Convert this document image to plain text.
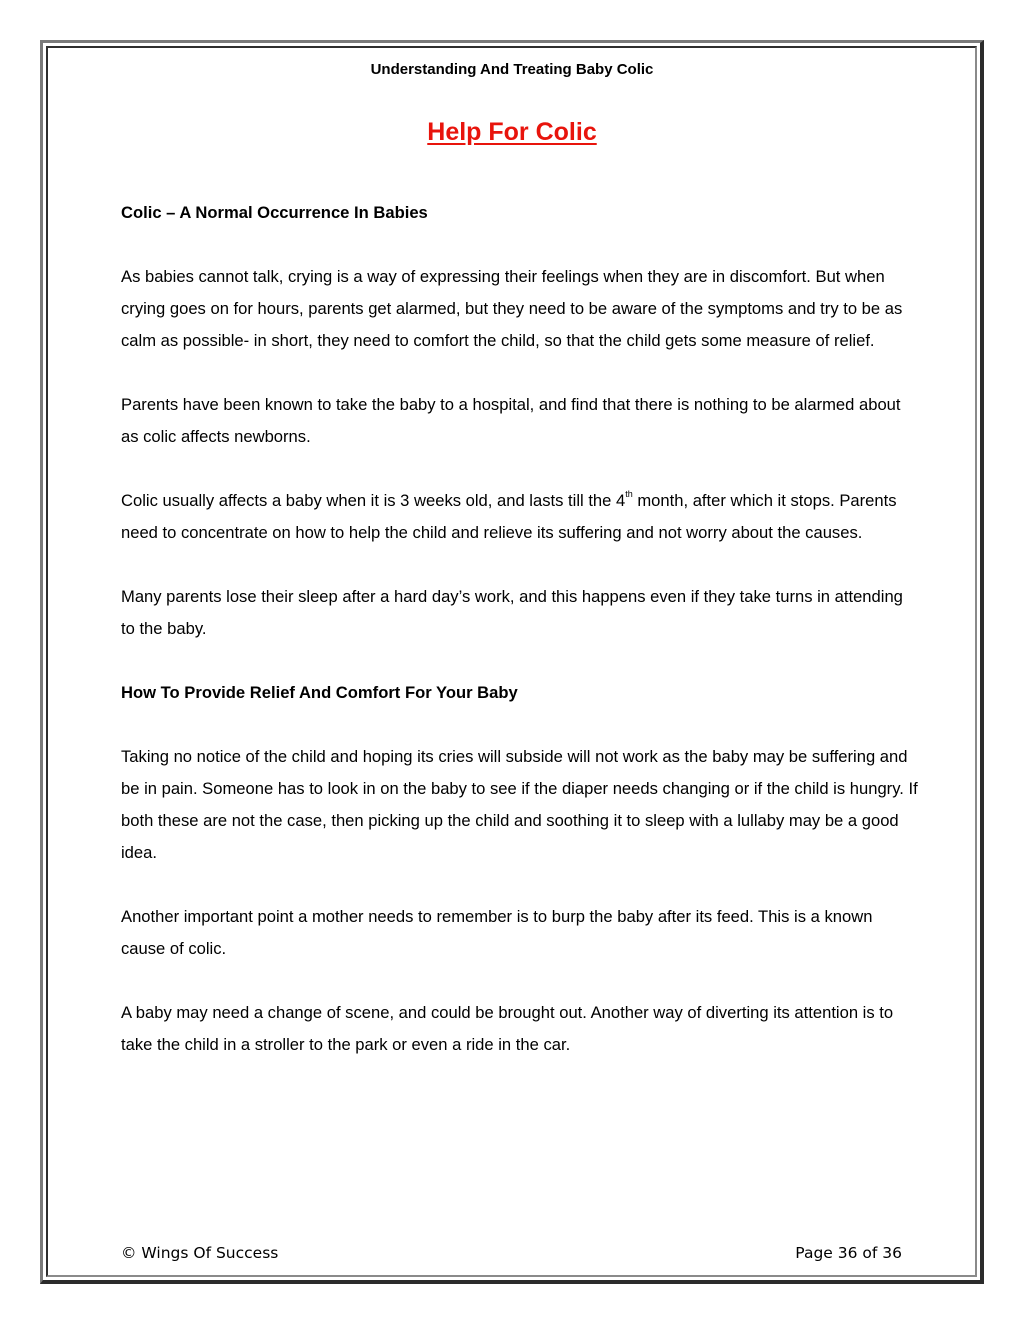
Understanding And Treating Baby Colic
Help For Colic
Colic – A Normal Occurrence In Babies

As babies cannot talk, crying is a way of expressing their feelings when they are in discomfort. But when crying goes on for hours, parents get alarmed, but they need to be aware of the symptoms and try to be as calm as possible- in short, they need to comfort the child, so that the child gets some measure of relief.

Parents have been known to take the baby to a hospital, and find that there is nothing to be alarmed about as colic affects newborns.

Colic usually affects a baby when it is 3 weeks old, and lasts till the 4th month, after which it stops. Parents need to concentrate on how to help the child and relieve its suffering and not worry about the causes.

Many parents lose their sleep after a hard day’s work, and this happens even if they take turns in attending to the baby.

How To Provide Relief And Comfort For Your Baby

Taking no notice of the child and hoping its cries will subside will not work as the baby may be suffering and be in pain. Someone has to look in on the baby to see if the diaper needs changing or if the child is hungry. If both these are not the case, then picking up the child and soothing it to sleep with a lullaby may be a good idea.

Another important point a mother needs to remember is to burp the baby after its feed. This is a known cause of colic.

A baby may need a change of scene, and could be brought out. Another way of diverting its attention is to take the child in a stroller to the park or even a ride in the car.

© Wings Of Success	Page 36 of 36
